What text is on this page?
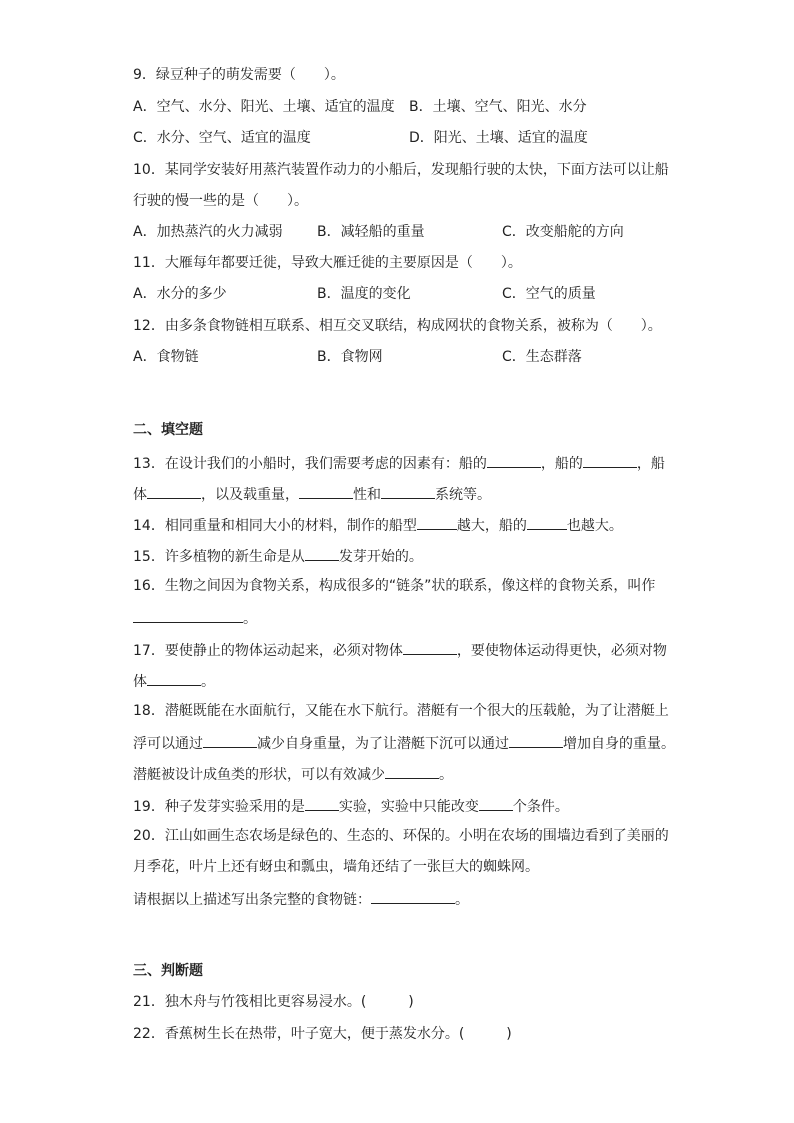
9．绿豆种子的萌发需要（　　）。
A．空气、水分、阳光、土壤、适宜的温度 B．土壤、空气、阳光、水分
C．水分、空气、适宜的温度	D．阳光、土壤、适宜的温度
10．某同学安装好用蒸汽装置作动力的小船后，发现船行驶的太快，下面方法可以让船
行驶的慢一些的是（　　）。
A．加热蒸汽的火力减弱 B．减轻船的重量	C．改变船舵的方向
11．大雁每年都要迁徙，导致大雁迁徙的主要原因是（　　）。
A．水分的多少	B．温度的变化	C．空气的质量
12．由多条食物链相互联系、相互交叉联结，构成网状的食物关系，被称为（　　）。
A．食物链	B．食物网	C．生态群落
二、填空题
13．在设计我们的小船时，我们需要考虑的因素有：船的	，船的	，船
体	，以及载重量，	性和	系统等。
14．相同重量和相同大小的材料，制作的船型	越大，船的	也越大。
15．许多植物的新生命是从 发芽开始的。
16．生物之间因为食物关系，构成很多的“链条”状的联系，像这样的食物关系，叫作
。
17．要使静止的物体运动起来，必须对物体	，要使物体运动得更快，必须对物
体	。
18．潜艇既能在水面航行，又能在水下航行。潜艇有一个很大的压载舱，为了让潜艇上
浮可以通过	减少自身重量，为了让潜艇下沉可以通过	增加自身的重量。
潜艇被设计成鱼类的形状，可以有效减少	。
19．种子发芽实验采用的是 实验，实验中只能改变 个条件。
20．江山如画生态农场是绿色的、生态的、环保的。小明在农场的围墙边看到了美丽的
月季花，叶片上还有蚜虫和瓢虫，墙角还结了一张巨大的蜘蛛网。
请根据以上描述写出条完整的食物链：	。
三、判断题
21．独木舟与竹筏相比更容易浸水。(　　　)
22．香蕉树生长在热带，叶子宽大，便于蒸发水分。(　　　)
